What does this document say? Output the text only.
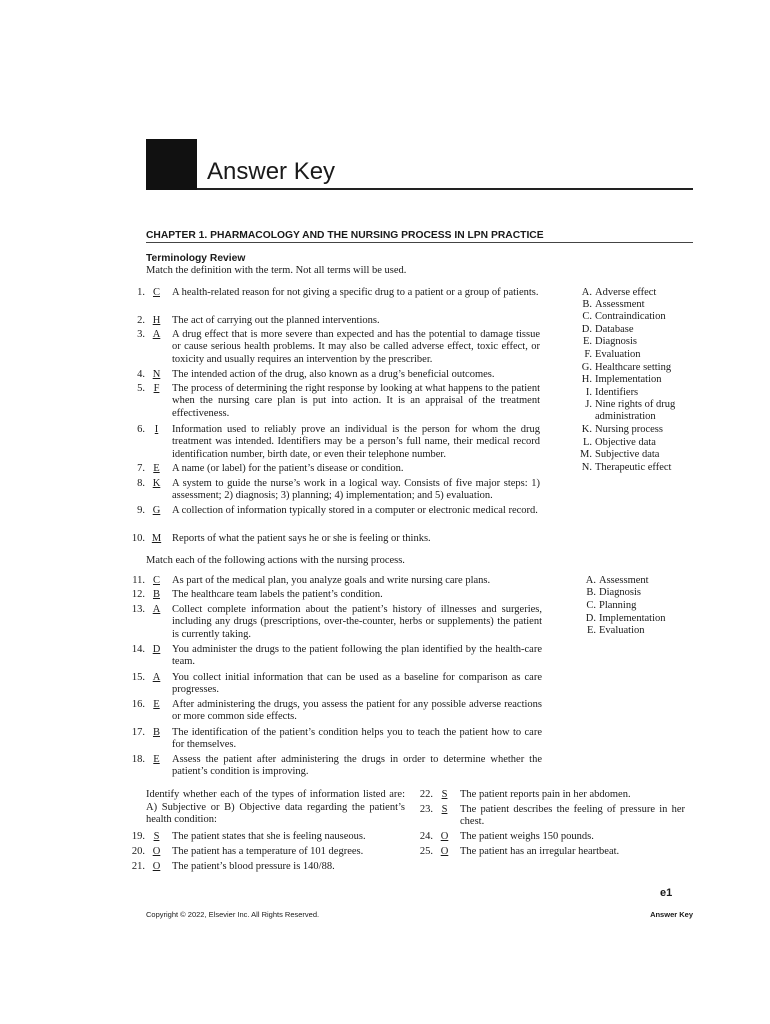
Answer Key
CHAPTER 1. PHARMACOLOGY AND THE NURSING PROCESS IN LPN PRACTICE
Terminology Review
Match the definition with the term. Not all terms will be used.
1. C	A health-related reason for not giving a specific drug to a patient or a group of patients.
2. H	The act of carrying out the planned interventions.
3. A	A drug effect that is more severe than expected and has the potential to damage tissue or cause serious health problems. It may also be called adverse effect, toxic effect, or toxicity and usually requires an intervention by the prescriber.
4. N	The intended action of the drug, also known as a drug’s beneficial outcomes.
5. F	The process of determining the right response by looking at what happens to the patient when the nursing care plan is put into action. It is an appraisal of the treatment effectiveness.
6. I	Information used to reliably prove an individual is the person for whom the drug treatment was intended. Identifiers may be a person’s full name, their medical record identification number, birth date, or even their telephone number.
7. E	A name (or label) for the patient’s disease or condition.
8. K	A system to guide the nurse’s work in a logical way. Consists of five major steps: 1) assessment; 2) diagnosis; 3) planning; 4) implementation; and 5) evaluation.
9. G	A collection of information typically stored in a computer or electronic medical record.
10. M	Reports of what the patient says he or she is feeling or thinks.
A. Adverse effect
B. Assessment
C. Contraindication
D. Database
E. Diagnosis
F. Evaluation
G. Healthcare setting
H. Implementation
I. Identifiers
J. Nine rights of drug administration
K. Nursing process
L. Objective data
M. Subjective data
N. Therapeutic effect
Match each of the following actions with the nursing process.
11. C	As part of the medical plan, you analyze goals and write nursing care plans.
12. B	The healthcare team labels the patient’s condition.
13. A	Collect complete information about the patient’s history of illnesses and surgeries, including any drugs (prescriptions, over-the-counter, herbs or supplements) the patient is currently taking.
14. D	You administer the drugs to the patient following the plan identified by the health-care team.
15. A	You collect initial information that can be used as a baseline for comparison as care progresses.
16. E	After administering the drugs, you assess the patient for any possible adverse reactions or more common side effects.
17. B	The identification of the patient’s condition helps you to teach the patient how to care for themselves.
18. E	Assess the patient after administering the drugs in order to determine whether the patient’s condition is improving.
A. Assessment
B. Diagnosis
C. Planning
D. Implementation
E. Evaluation
Identify whether each of the types of information listed are: A) Subjective or B) Objective data regarding the patient’s health condition:
19. S	The patient states that she is feeling nauseous.
20. O	The patient has a temperature of 101 degrees.
21. O	The patient’s blood pressure is 140/88.
22. S	The patient reports pain in her abdomen.
23. S	The patient describes the feeling of pressure in her chest.
24. O	The patient weighs 150 pounds.
25. O	The patient has an irregular heartbeat.
e1
Copyright © 2022, Elsevier Inc. All Rights Reserved.	Answer Key
